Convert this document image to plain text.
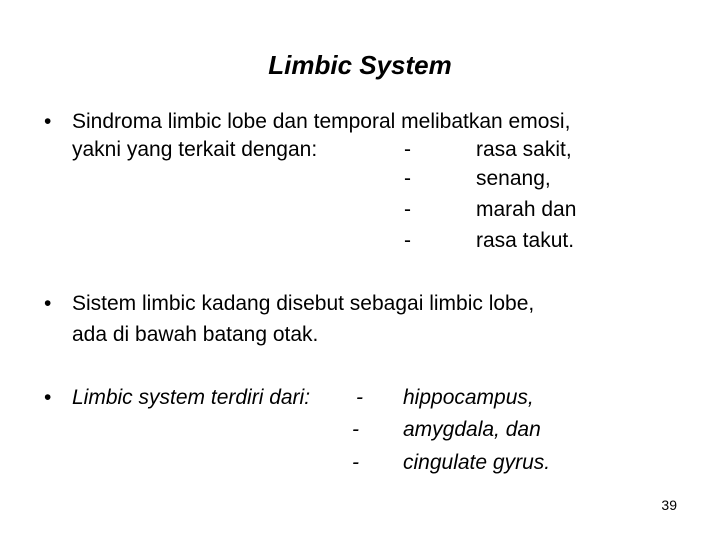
Limbic System
• Sindroma limbic lobe dan temporal melibatkan emosi,
yakni yang terkait dengan:	-	rasa sakit,
-	senang,
-	marah dan
-	rasa takut.
• Sistem limbic kadang disebut sebagai limbic lobe,
ada di bawah batang otak.
• Limbic system terdiri dari: - hippocampus,
- amygdala, dan
- cingulate gyrus.
39
